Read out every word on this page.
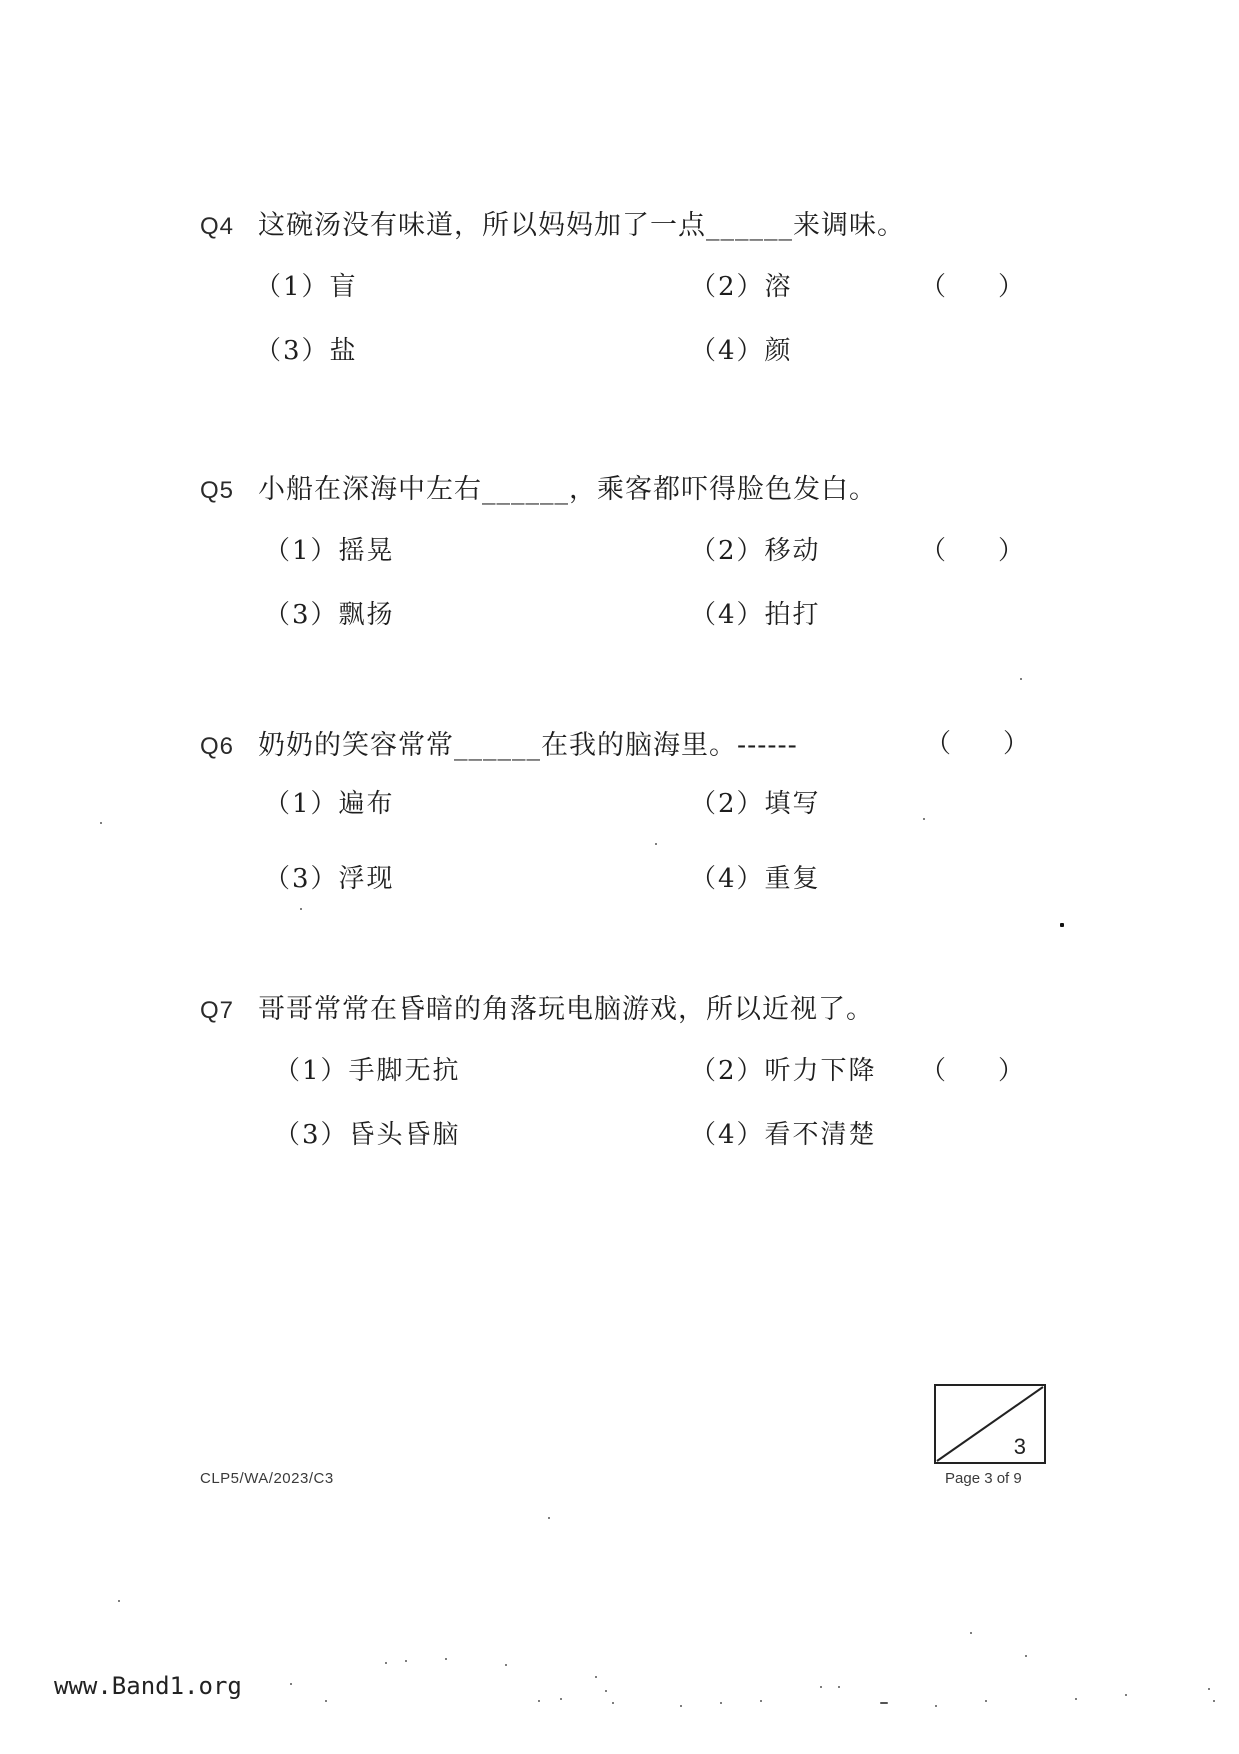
Q4 这碗汤没有味道，所以妈妈加了一点______来调味。
（1）盲	（2）溶	（　　）
（3）盐	（4）颜
Q5 小船在深海中左右______，乘客都吓得脸色发白。
（1）摇晃	（2）移动	（　　）
（3）飘扬	（4）拍打
Q6 奶奶的笑容常常______在我的脑海里。------	（　　）
（1）遍布	（2）填写
（3）浮现	（4）重复
Q7 哥哥常常在昏暗的角落玩电脑游戏，所以近视了。
（1）手脚无抗	（2）听力下降 （　　）
（3）昏头昏脑	（4）看不清楚
CLP5/WA/2023/C3
3
Page 3 of 9
www.Band1.org
